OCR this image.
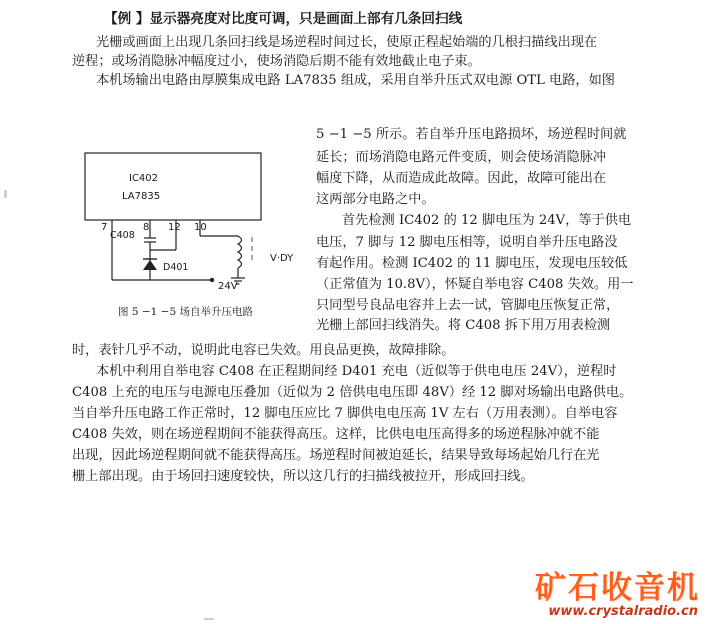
【例 】显示器亮度对比度可调，只是画面上部有几条回扫线
光栅或画面上出现几条回扫线是场逆程时间过长，使原正程起始端的几根扫描线出现在
逆程；或场消隐脉冲幅度过小，使场消隐后期不能有效地截止电子束。
本机场输出电路由厚膜集成电路 LA7835 组成，采用自举升压式双电源 OTL 电路，如图
5 −1 −5 所示。若自举升压电路损坏，场逆程时间就
延长；而场消隐电路元件变质，则会使场消隐脉冲
幅度下降，从而造成此故障。因此，故障可能出在
这两部分电路之中。
首先检测 IC402 的 12 脚电压为 24V，等于供电
电压，7 脚与 12 脚电压相等，说明自举升压电路没
有起作用。检测 IC402 的 11 脚电压，发现电压较低
（正常值为 10.8V），怀疑自举电容 C408 失效。用一
只同型号良品电容并上去一试，管脚电压恢复正常，
光栅上部回扫线消失。将 C408 拆下用万用表检测
时，表针几乎不动，说明此电容已失效。用良品更换，故障排除。
本机中利用自举电容 C408 在正程期间经 D401 充电（近似等于供电电压 24V），逆程时
C408 上充的电压与电源电压叠加（近似为 2 倍供电电压即 48V）经 12 脚对场输出电路供电。
当自举升压电路工作正常时，12 脚电压应比 7 脚供电电压高 1V 左右（万用表测）。自举电容
C408 失效，则在场逆程期间不能获得高压。这样，比供电电压高得多的场逆程脉冲就不能
出现，因此场逆程期间就不能获得高压。场逆程时间被迫延长，结果导致每场起始几行在光
栅上部出现。由于场回扫速度较快，所以这几行的扫描线被拉开，形成回扫线。
IC402
LA7835
7	8 12 10
C408
D401
24V
V·DY
图 5 −1 −5 场自举升压电路
矿石收音机
www.crystalradio.cn
